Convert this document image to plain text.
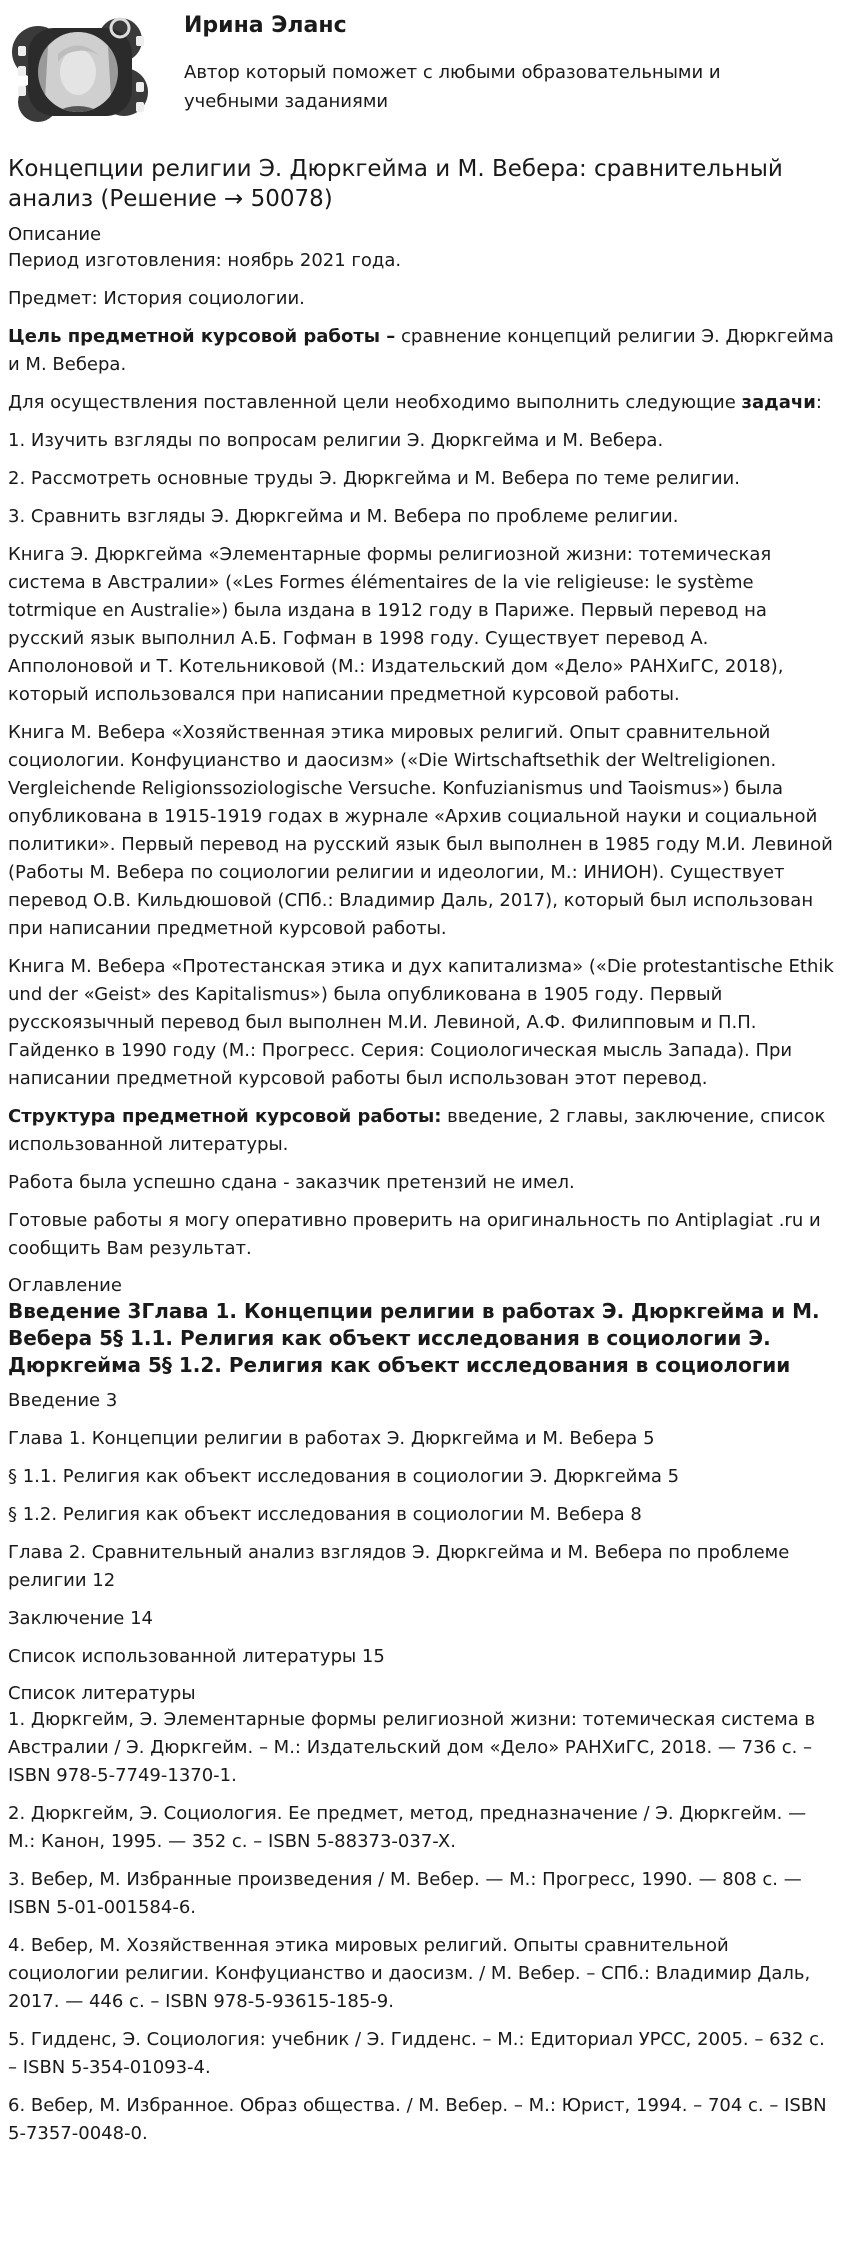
Ирина Эланс
Автор который поможет с любыми образовательными и учебными заданиями
Концепции религии Э. Дюркгейма и М. Вебера: сравнительный анализ (Решение → 50078)
Описание

Период изготовления: ноябрь 2021 года.

Предмет: История социологии.

Цель предметной курсовой работы – сравнение концепций религии Э. Дюркгейма и М. Вебера.

Для осуществления поставленной цели необходимо выполнить следующие задачи:

1. Изучить взгляды по вопросам религии Э. Дюркгейма и М. Вебера.

2. Рассмотреть основные труды Э. Дюркгейма и М. Вебера по теме религии.

3. Сравнить взгляды Э. Дюркгейма и М. Вебера по проблеме религии.

Книга Э. Дюркгейма «Элементарные формы религиозной жизни: тотемическая система в Австралии» («Les Formes élémentaires de la vie religieuse: le système totrmique en Australie») была издана в 1912 году в Париже. Первый перевод на русский язык выполнил А.Б. Гофман в 1998 году. Существует перевод А. Апполоновой и Т. Котельниковой (М.: Издательский дом «Дело» РАНХиГС, 2018), который использовался при написании предметной курсовой работы.

Книга М. Вебера «Хозяйственная этика мировых религий. Опыт сравнительной социологии. Конфуцианство и даосизм» («Die Wirtschaftsethik der Weltreligionen. Vergleichende Religionssoziologische Versuche. Konfuzianismus und Taoismus») была опубликована в 1915-1919 годах в журнале «Архив социальной науки и социальной политики». Первый перевод на русский язык был выполнен в 1985 году М.И. Левиной (Работы М. Вебера по социологии религии и идеологии, М.: ИНИОН). Существует перевод О.В. Кильдюшовой (СПб.: Владимир Даль, 2017), который был использован при написании предметной курсовой работы.

Книга М. Вебера «Протестанская этика и дух капитализма» («Die protestantische Ethik und der «Geist» des Kapitalismus») была опубликована в 1905 году. Первый русскоязычный перевод был выполнен М.И. Левиной, А.Ф. Филипповым и П.П. Гайденко в 1990 году (М.: Прогресс. Серия: Социологическая мысль Запада). При написании предметной курсовой работы был использован этот перевод.

Структура предметной курсовой работы: введение, 2 главы, заключение, список использованной литературы.

Работа была успешно сдана - заказчик претензий не имел.

Готовые работы я могу оперативно проверить на оригинальность по Antiplagiat .ru и сообщить Вам результат.

Оглавление
Введение 3Глава 1. Концепции религии в работах Э. Дюркгейма и М. Вебера 5§ 1.1. Религия как объект исследования в социологии Э. Дюркгейма 5§ 1.2. Религия как объект исследования в социологии

Введение 3

Глава 1. Концепции религии в работах Э. Дюркгейма и М. Вебера 5

§ 1.1. Религия как объект исследования в социологии Э. Дюркгейма 5

§ 1.2. Религия как объект исследования в социологии М. Вебера 8

Глава 2. Сравнительный анализ взглядов Э. Дюркгейма и М. Вебера по проблеме религии 12

Заключение 14

Список использованной литературы 15

Список литературы

1. Дюркгейм, Э. Элементарные формы религиозной жизни: тотемическая система в Австралии / Э. Дюркгейм. – М.: Издательский дом «Дело» РАНХиГС, 2018. — 736 с. – ISBN 978-5-7749-1370-1.

2. Дюркгейм, Э. Социология. Ее предмет, метод, предназначение / Э. Дюркгейм. — М.: Канон, 1995. — 352 с. – ISBN 5-88373-037-X.

3. Вебер, М. Избранные произведения / М. Вебер. — М.: Прогресс, 1990. — 808 с. — ISBN 5-01-001584-6.

4. Вебер, М. Хозяйственная этика мировых религий. Опыты сравнительной социологии религии. Конфуцианство и даосизм. / М. Вебер. – СПб.: Владимир Даль, 2017. — 446 с. – ISBN 978-5-93615-185-9.

5. Гидденс, Э. Социология: учебник / Э. Гидденс. – М.: Едиториал УРСС, 2005. – 632 с. – ISBN 5-354-01093-4.

6. Вебер, М. Избранное. Образ общества. / М. Вебер. – М.: Юрист, 1994. – 704 с. – ISBN 5-7357-0048-0.
